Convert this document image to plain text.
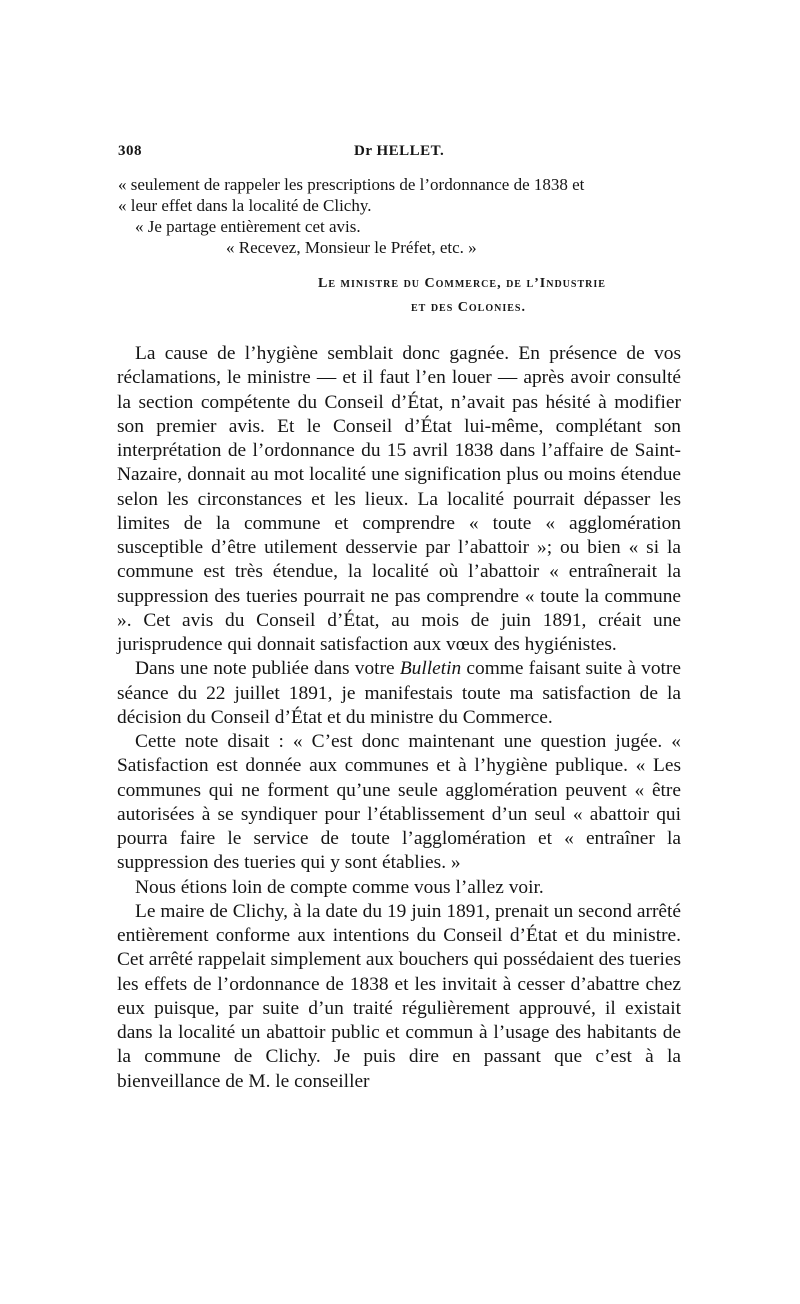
308	Dr HELLET.
« seulement de rappeler les prescriptions de l’ordonnance de 1838 et
« leur effet dans la localité de Clichy.
« Je partage entièrement cet avis.
« Recevez, Monsieur le Préfet, etc. »
Le ministre du Commerce, de l’Industrie
et des Colonies.

La cause de l’hygiène semblait donc gagnée. En présence de vos réclamations, le ministre — et il faut l’en louer — après avoir consulté la section compétente du Conseil d’État, n’avait pas hésité à modifier son premier avis. Et le Conseil d’État lui-même, complétant son interprétation de l’ordonnance du 15 avril 1838 dans l’affaire de Saint-Nazaire, donnait au mot localité une signification plus ou moins étendue selon les circonstances et les lieux. La localité pourrait dépasser les limites de la commune et comprendre « toute « agglomération susceptible d’être utilement desservie par l’abattoir »; ou bien « si la commune est très étendue, la localité où l’abattoir « entraînerait la suppression des tueries pourrait ne pas comprendre « toute la commune ». Cet avis du Conseil d’État, au mois de juin 1891, créait une jurisprudence qui donnait satisfaction aux vœux des hygiénistes.

Dans une note publiée dans votre Bulletin comme faisant suite à votre séance du 22 juillet 1891, je manifestais toute ma satisfaction de la décision du Conseil d’État et du ministre du Commerce.

Cette note disait : « C’est donc maintenant une question jugée. « Satisfaction est donnée aux communes et à l’hygiène publique. « Les communes qui ne forment qu’une seule agglomération peuvent « être autorisées à se syndiquer pour l’établissement d’un seul « abattoir qui pourra faire le service de toute l’agglomération et « entraîner la suppression des tueries qui y sont établies. »

Nous étions loin de compte comme vous l’allez voir.

Le maire de Clichy, à la date du 19 juin 1891, prenait un second arrêté entièrement conforme aux intentions du Conseil d’État et du ministre. Cet arrêté rappelait simplement aux bouchers qui possédaient des tueries les effets de l’ordonnance de 1838 et les invitait à cesser d’abattre chez eux puisque, par suite d’un traité régulièrement approuvé, il existait dans la localité un abattoir public et commun à l’usage des habitants de la commune de Clichy. Je puis dire en passant que c’est à la bienveillance de M. le conseiller
